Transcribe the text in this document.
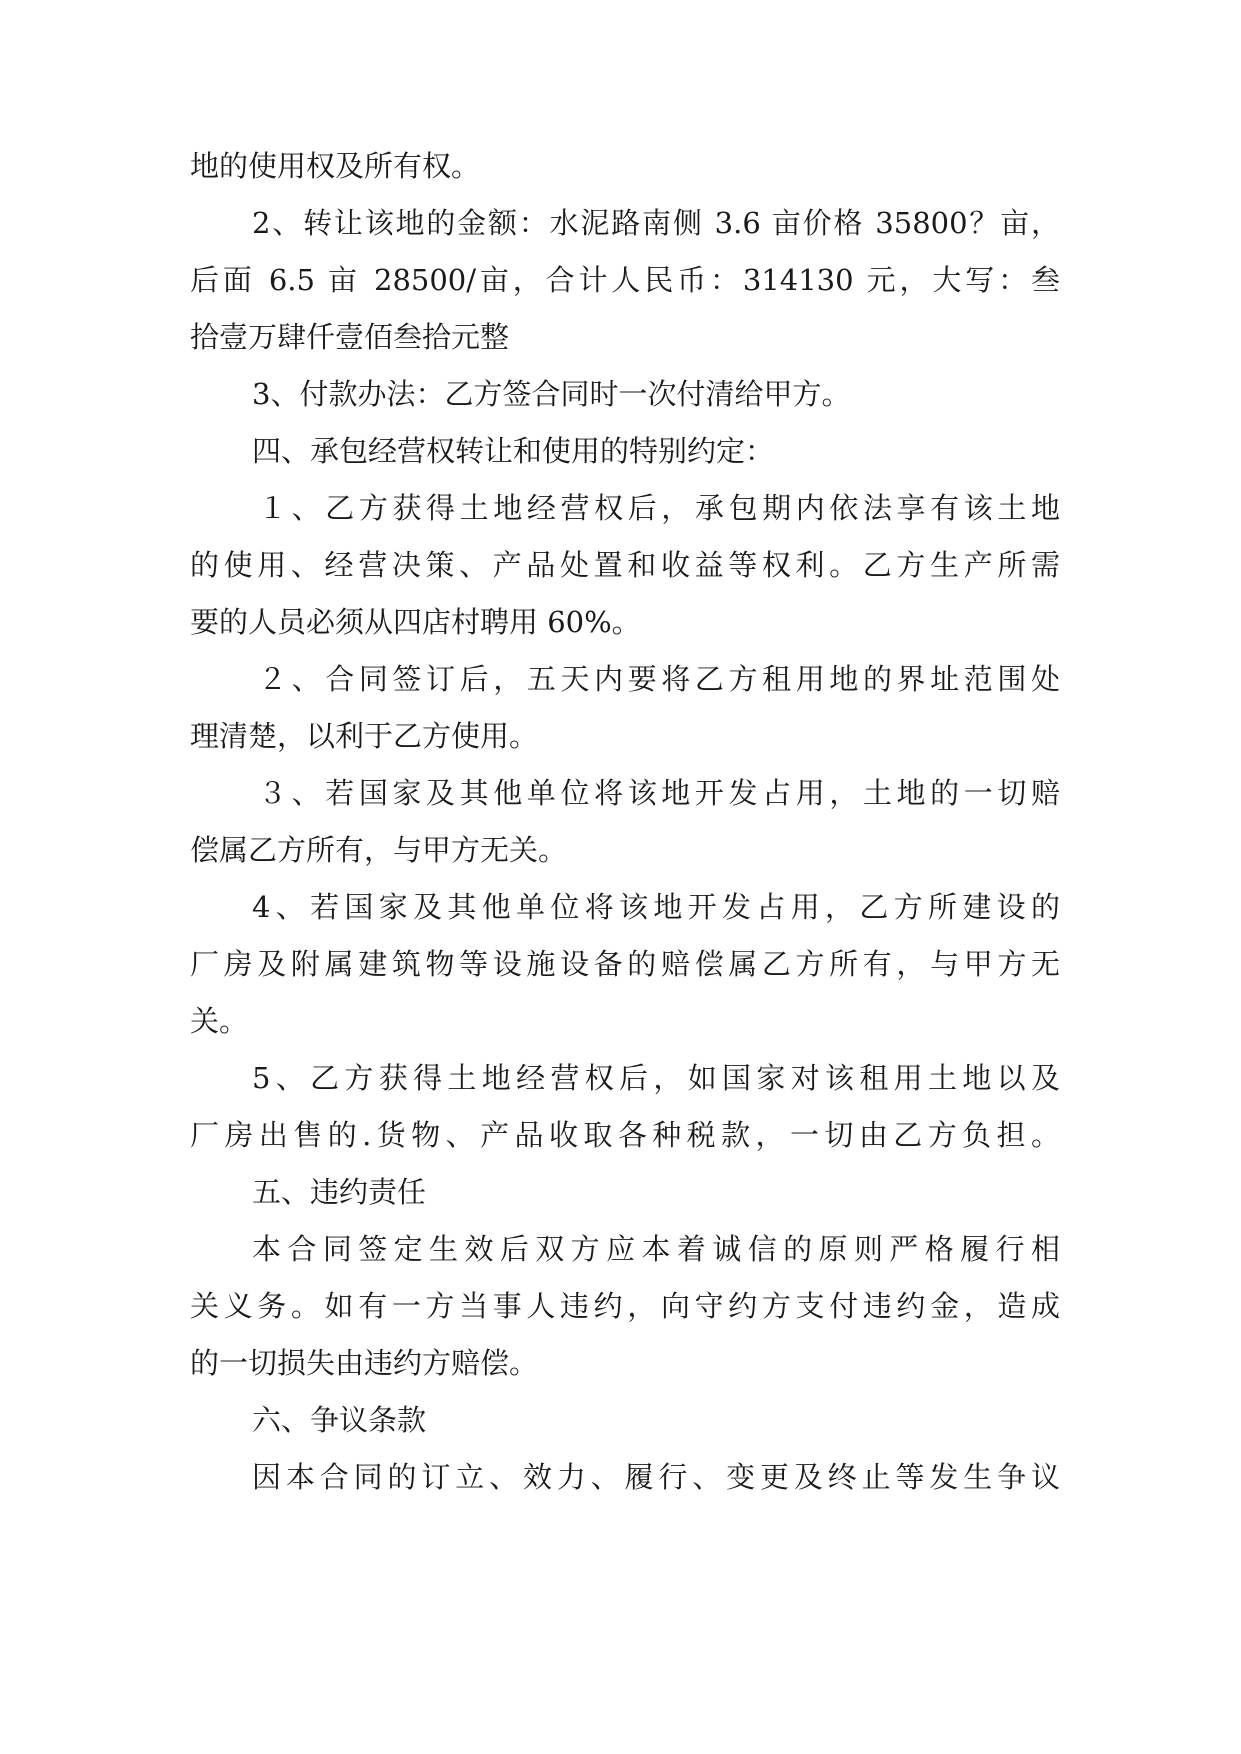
地的使用权及所有权。
2、转让该地的金额：水泥路南侧 3.6 亩价格 35800？亩，
后面 6.5 亩 28500/亩，合计人民币：314130 元，大写：叁
拾壹万肆仟壹佰叁拾元整
3、付款办法：乙方签合同时一次付清给甲方。
四、承包经营权转让和使用的特别约定：
１、乙方获得土地经营权后，承包期内依法享有该土地
的使用、经营决策、产品处置和收益等权利。乙方生产所需
要的人员必须从四店村聘用 60%。
２、合同签订后，五天内要将乙方租用地的界址范围处
理清楚，以利于乙方使用。
３、若国家及其他单位将该地开发占用，土地的一切赔
偿属乙方所有，与甲方无关。
4、若国家及其他单位将该地开发占用，乙方所建设的
厂房及附属建筑物等设施设备的赔偿属乙方所有，与甲方无
关。
5、乙方获得土地经营权后，如国家对该租用土地以及
厂房出售的.货物、产品收取各种税款，一切由乙方负担。
五、违约责任
本合同签定生效后双方应本着诚信的原则严格履行相
关义务。如有一方当事人违约，向守约方支付违约金，造成
的一切损失由违约方赔偿。
六、争议条款
因本合同的订立、效力、履行、变更及终止等发生争议
